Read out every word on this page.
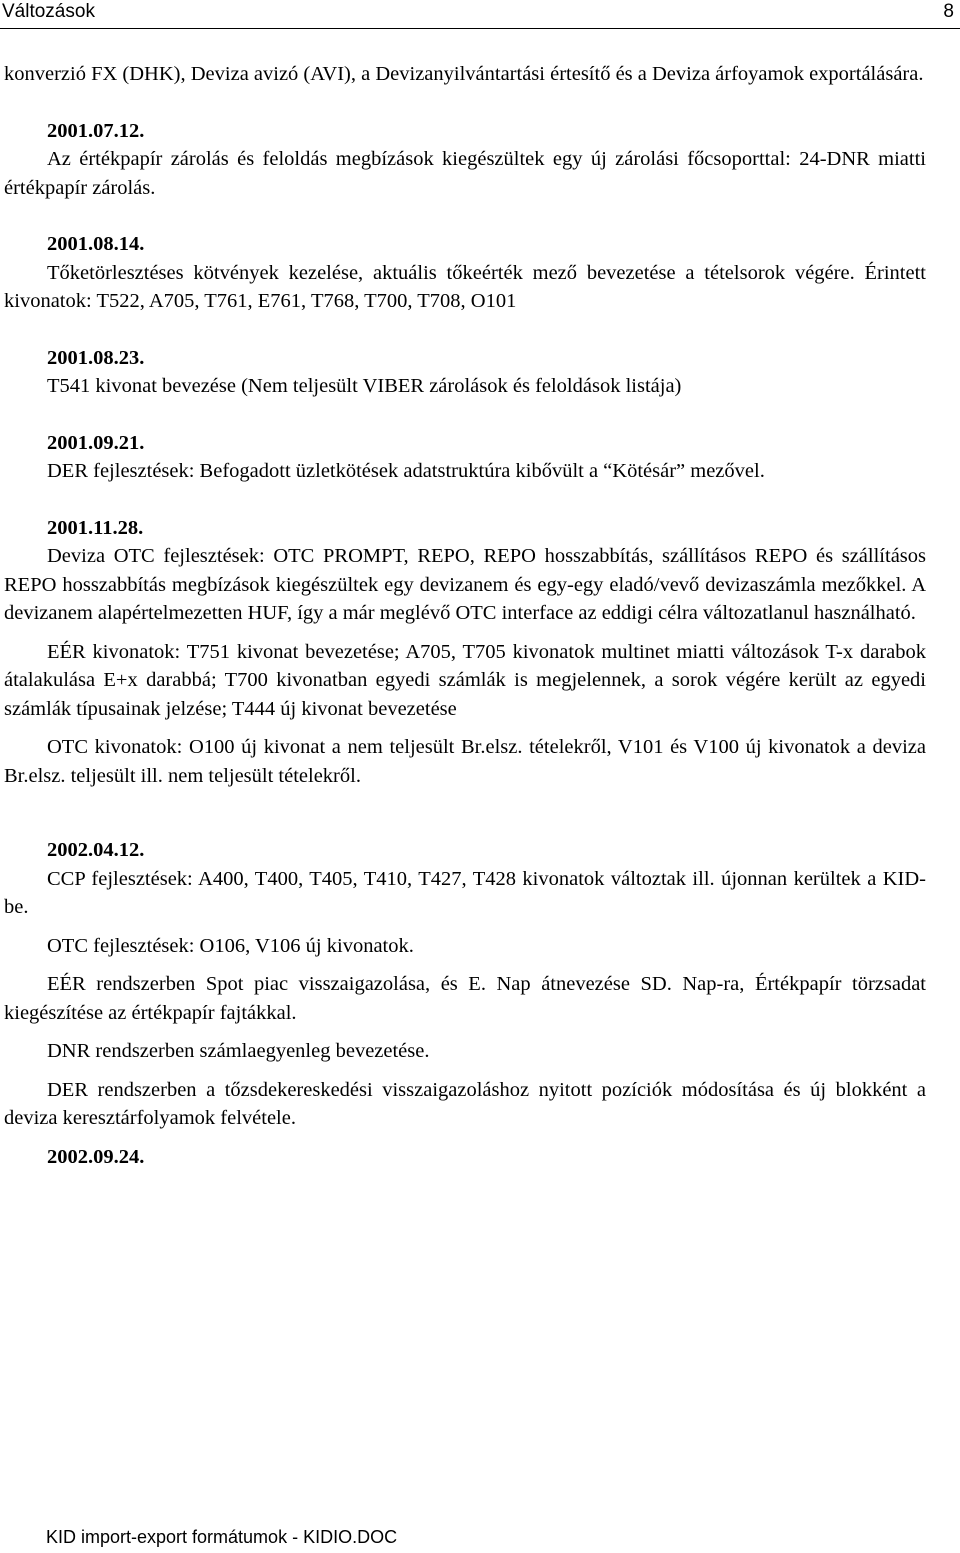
Változások	8

konverzió FX (DHK), Deviza avizó (AVI), a Devizanyilvántartási értesítő és a Deviza árfoyamok exportálására.

2001.07.12.

Az értékpapír zárolás és feloldás megbízások kiegészültek egy új zárolási főcsoporttal: 24-DNR miatti értékpapír zárolás.

2001.08.14.

Tőketörlesztéses kötvények kezelése, aktuális tőkeérték mező bevezetése a tételsorok végére. Érintett kivonatok: T522, A705, T761, E761, T768, T700, T708, O101

2001.08.23.

T541 kivonat bevezése (Nem teljesült VIBER zárolások és feloldások listája)

2001.09.21.

DER fejlesztések: Befogadott üzletkötések adatstruktúra kibővült a “Kötésár” mezővel.

2001.11.28.

Deviza OTC fejlesztések: OTC PROMPT, REPO, REPO hosszabbítás, szállításos REPO és szállításos REPO hosszabbítás megbízások kiegészültek egy devizanem és egy-egy eladó/vevő devizaszámla mezőkkel. A devizanem alapértelmezetten HUF, így a már meglévő OTC interface az eddigi célra változatlanul használható.

EÉR kivonatok: T751 kivonat bevezetése; A705, T705 kivonatok multinet miatti változások T-x darabok átalakulása E+x darabbá; T700 kivonatban egyedi számlák is megjelennek, a sorok végére került az egyedi számlák típusainak jelzése; T444 új kivonat bevezetése

OTC kivonatok: O100 új kivonat a nem teljesült Br.elsz. tételekről, V101 és V100 új kivonatok a deviza Br.elsz. teljesült ill. nem teljesült tételekről.

2002.04.12.

CCP fejlesztések: A400, T400, T405, T410, T427, T428 kivonatok változtak ill. újonnan kerültek a KID-be.

OTC fejlesztések: O106, V106 új kivonatok.

EÉR rendszerben Spot piac visszaigazolása, és E. Nap átnevezése SD. Nap-ra, Értékpapír törzsadat kiegészítése az értékpapír fajtákkal.

DNR rendszerben számlaegyenleg bevezetése.

DER rendszerben a tőzsdekereskedési visszaigazoláshoz nyitott pozíciók módosítása és új blokként a deviza keresztárfolyamok felvétele.

2002.09.24.

KID import-export formátumok - KIDIO.DOC
